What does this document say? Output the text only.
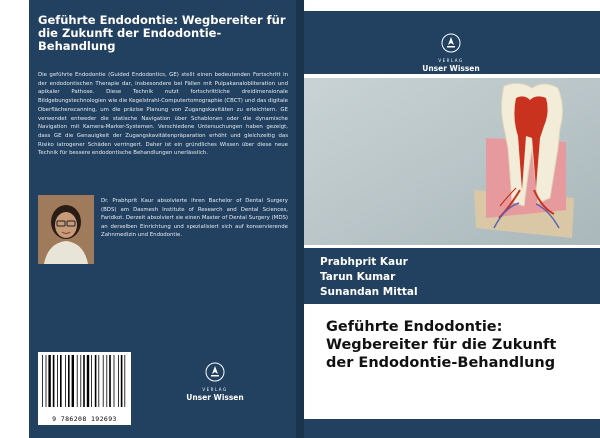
Geführte Endodontie: Wegbereiter für die Zukunft der Endodontie-Behandlung
Die geführte Endodontie (Guided Endodontics, GE) stellt einen bedeutenden Fortschritt in der endodontischen Therapie dar, insbesondere bei Fällen mit Pulpakanalobliteration und apikaler Pathose. Diese Technik nutzt fortschrittliche dreidimensionale Bildgebungstechnologien wie die Kegelstrahl-Computertomographie (CBCT) und das digitale Oberflächenscanning, um die präzise Planung von Zugangskavitäten zu erleichtern. GE verwendet entweder die statische Navigation über Schablonen oder die dynamische Navigation mit Kamera-Marker-Systemen. Verschiedene Untersuchungen haben gezeigt, dass GE die Genauigkeit der Zugangskavitätenpräparation erhöht und gleichzeitig das Risiko iatrogener Schäden verringert. Daher ist ein gründliches Wissen über diese neue Technik für bessere endodontische Behandlungen unerlässlich.
Dr. Prabhprit Kaur absolvierte ihren Bachelor of Dental Surgery (BDS) am Dasmesh Institute of Research and Dental Sciences, Faridkot. Derzeit absolviert sie einen Master of Dental Surgery (MDS) an derselben Einrichtung und spezialisiert sich auf konservierende Zahnmedizin und Endodontie.
9 786208 192693
VERLAG
Unser Wissen
VERLAG
Unser Wissen
Prabhprit Kaur
Tarun Kumar
Sunandan Mittal
Geführte Endodontie: Wegbereiter für die Zukunft der Endodontie-Behandlung
